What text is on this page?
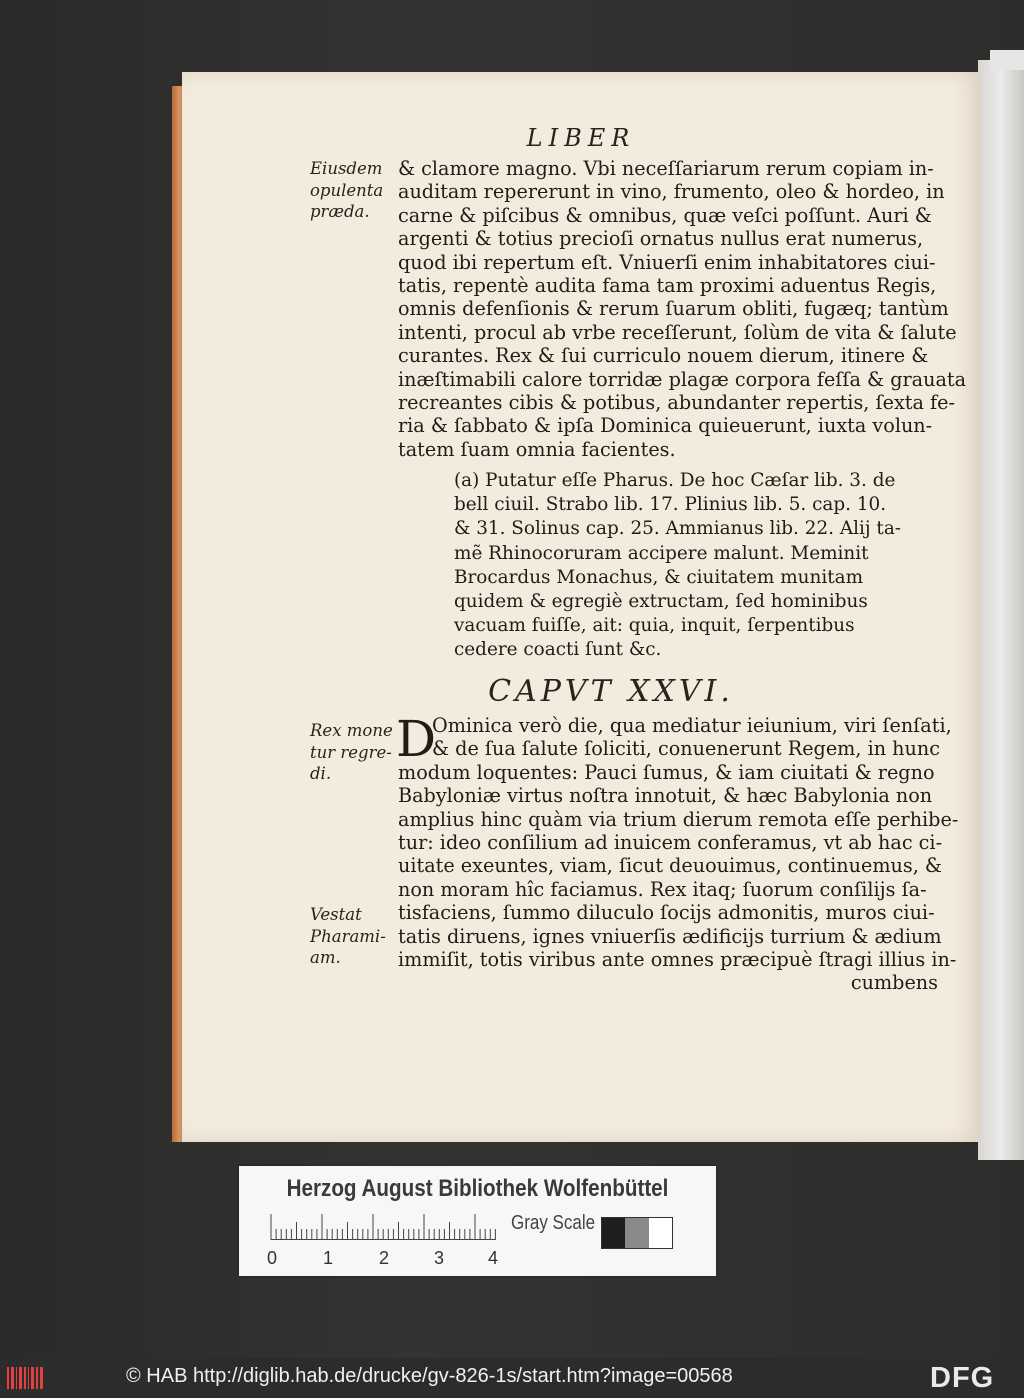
LIBER
Eiusdem
opulenta
præda.
Rex mone
tur regre-
di.
Vestat
Pharami-
am.
& clamore magno. Vbi neceſſariarum rerum copiam in-
auditam repererunt in vino, frumento, oleo & hordeo, in
carne & piſcibus & omnibus, quæ veſci poſſunt. Auri &
argenti & totius precioſi ornatus nullus erat numerus,
quod ibi repertum eſt. Vniuerſi enim inhabitatores ciui-
tatis, repentè audita fama tam proximi aduentus Regis,
omnis defenſionis & rerum ſuarum obliti, fugæq; tantùm
intenti, procul ab vrbe receſſerunt, ſolùm de vita & ſalute
curantes. Rex & ſui curriculo nouem dierum, itinere &
inæſtimabili calore torridæ plagæ corpora feſſa & grauata
recreantes cibis & potibus, abundanter repertis, ſexta fe-
ria & ſabbato & ipſa Dominica quieuerunt, iuxta volun-
tatem ſuam omnia facientes.
(a) Putatur eſſe Pharus. De hoc Cæſar lib. 3. de
bell ciuil. Strabo lib. 17. Plinius lib. 5. cap. 10.
& 31. Solinus cap. 25. Ammianus lib. 22. Alij ta-
mẽ Rhinocoruram accipere malunt. Meminit
Brocardus Monachus, & ciuitatem munitam
quidem & egregiè extructam, ſed hominibus
vacuam fuiſſe, ait: quia, inquit, ſerpentibus
cedere coacti ſunt &c.
CAPVT XXVI.
D
Ominica verò die, qua mediatur ieiunium, viri ſenſati,
& de ſua ſalute ſoliciti, conuenerunt Regem, in hunc
modum loquentes: Pauci ſumus, & iam ciuitati & regno
Babyloniæ virtus noſtra innotuit, & hæc Babylonia non
amplius hinc quàm via trium dierum remota eſſe perhibe-
tur: ideo conſilium ad inuicem conferamus, vt ab hac ci-
uitate exeuntes, viam, ſicut deuouimus, continuemus, &
non moram hîc faciamus. Rex itaq; ſuorum conſilijs ſa-
tisfaciens, ſummo diluculo ſocijs admonitis, muros ciui-
tatis diruens, ignes vniuerſis ædificijs turrium & ædium
immiſit, totis viribus ante omnes præcipuè ſtragi illius in-
cumbens
Herzog August Bibliothek Wolfenbüttel
0	1	2 3 4
Gray Scale
© HAB http://diglib.hab.de/drucke/gv-826-1s/start.htm?image=00568	DFG
